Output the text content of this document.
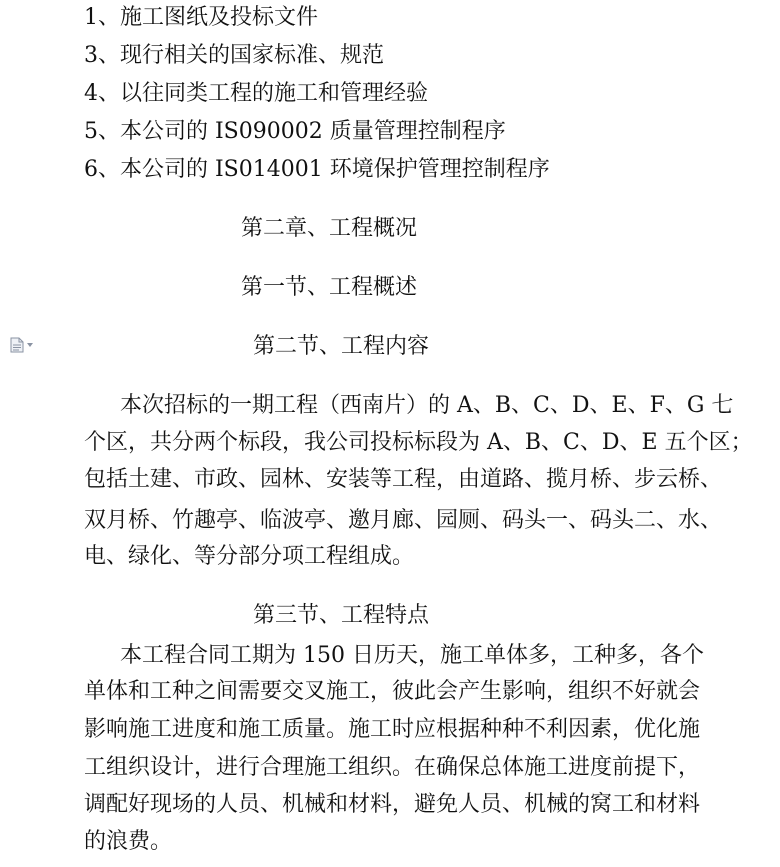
1、施工图纸及投标文件
3、现行相关的国家标准、规范
4、以往同类工程的施工和管理经验
5、本公司的 IS090002 质量管理控制程序
6、本公司的 IS014001 环境保护管理控制程序
第二章、工程概况
第一节、工程概述
第二节、工程内容
本次招标的一期工程（西南片）的 A、B、C、D、E、F、G 七
个区，共分两个标段，我公司投标标段为 A、B、C、D、E 五个区；
包括土建、市政、园林、安装等工程，由道路、揽月桥、步云桥、
双月桥、竹趣亭、临波亭、邀月廊、园厕、码头一、码头二、水、
电、绿化、等分部分项工程组成。
第三节、工程特点
本工程合同工期为 150 日历天，施工单体多，工种多，各个
单体和工种之间需要交叉施工，彼此会产生影响，组织不好就会
影响施工进度和施工质量。施工时应根据种种不利因素，优化施
工组织设计，进行合理施工组织。在确保总体施工进度前提下，
调配好现场的人员、机械和材料，避免人员、机械的窝工和材料
的浪费。
